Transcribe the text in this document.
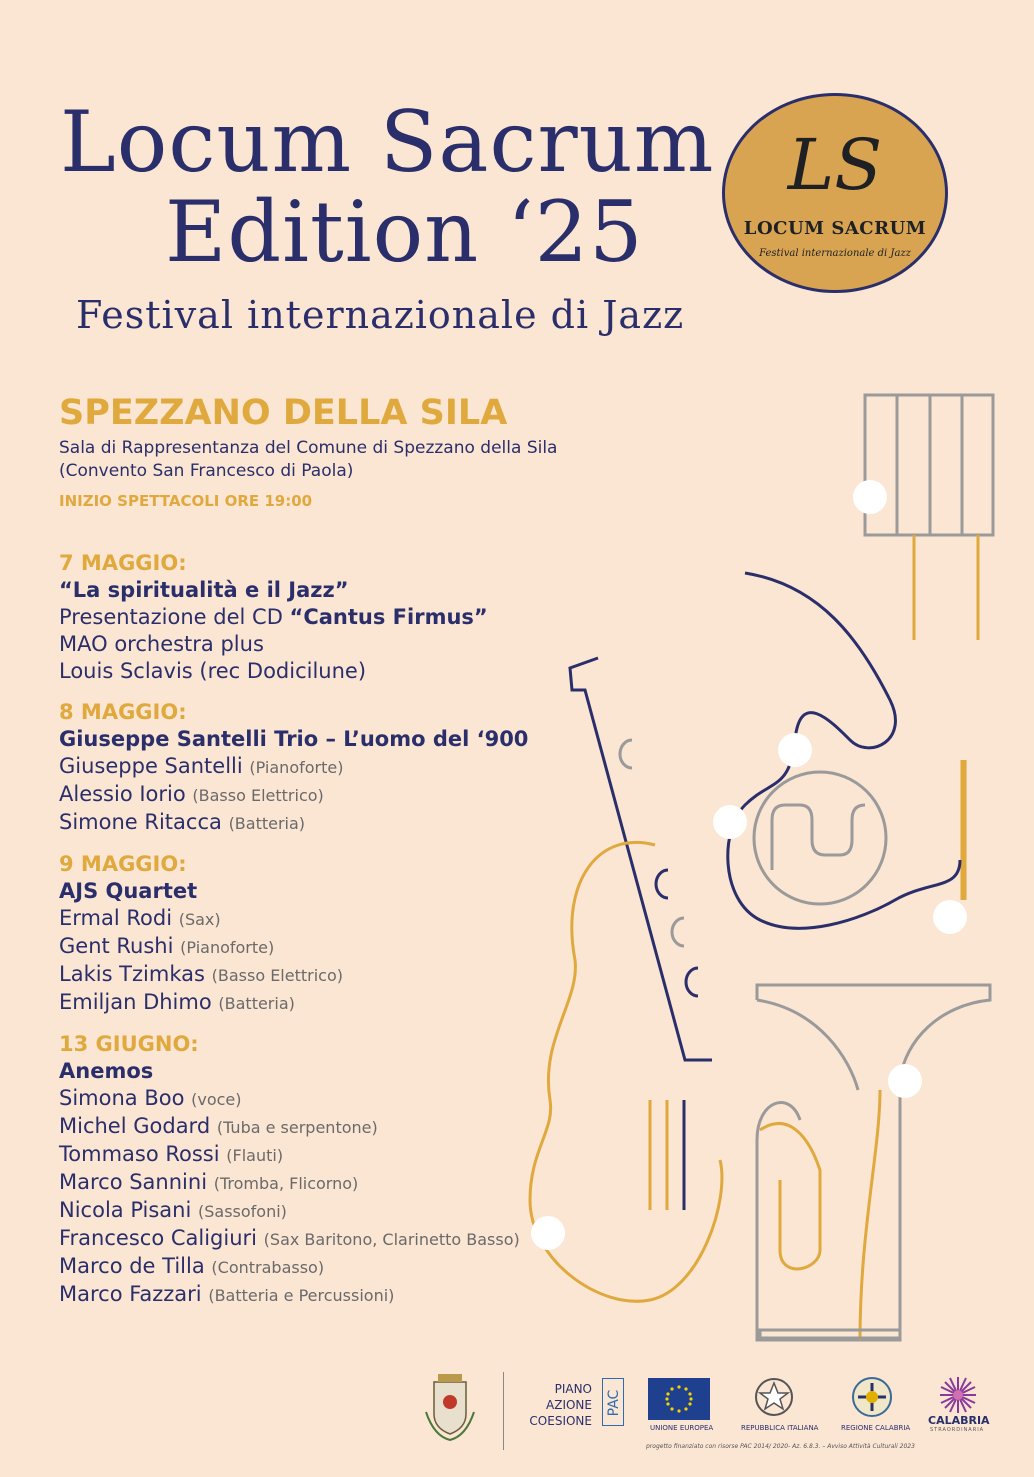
Locum Sacrum
Edition ‘25
Festival internazionale di Jazz
LS
LOCUM SACRUM
Festival internazionale di Jazz
SPEZZANO DELLA SILA
Sala di Rappresentanza del Comune di Spezzano della Sila
(Convento San Francesco di Paola)
INIZIO SPETTACOLI ORE 19:00
7 MAGGIO:
“La spiritualità e il Jazz”
Presentazione del CD “Cantus Firmus”
MAO orchestra plus
Louis Sclavis (rec Dodicilune)
8 MAGGIO:
Giuseppe Santelli Trio – L’uomo del ‘900
Giuseppe Santelli (Pianoforte)
Alessio Iorio (Basso Elettrico)
Simone Ritacca (Batteria)
9 MAGGIO:
AJS Quartet
Ermal Rodi (Sax)
Gent Rushi (Pianoforte)
Lakis Tzimkas (Basso Elettrico)
Emiljan Dhimo (Batteria)
13 GIUGNO:
Anemos
Simona Boo (voce)
Michel Godard (Tuba e serpentone)
Tommaso Rossi (Flauti)
Marco Sannini (Tromba, Flicorno)
Nicola Pisani (Sassofoni)
Francesco Caligiuri (Sax Baritono, Clarinetto Basso)
Marco de Tilla (Contrabasso)
Marco Fazzari (Batteria e Percussioni)
PIANO
AZIONE
COESIONE
PAC
UNIONE EUROPEA	REPUBBLICA ITALIANA	REGIONE CALABRIA
CALABRIA
STRAORDINARIA
progetto finanziato con risorse PAC 2014/ 2020- Az. 6.8.3. – Avviso Attività Culturali 2023
